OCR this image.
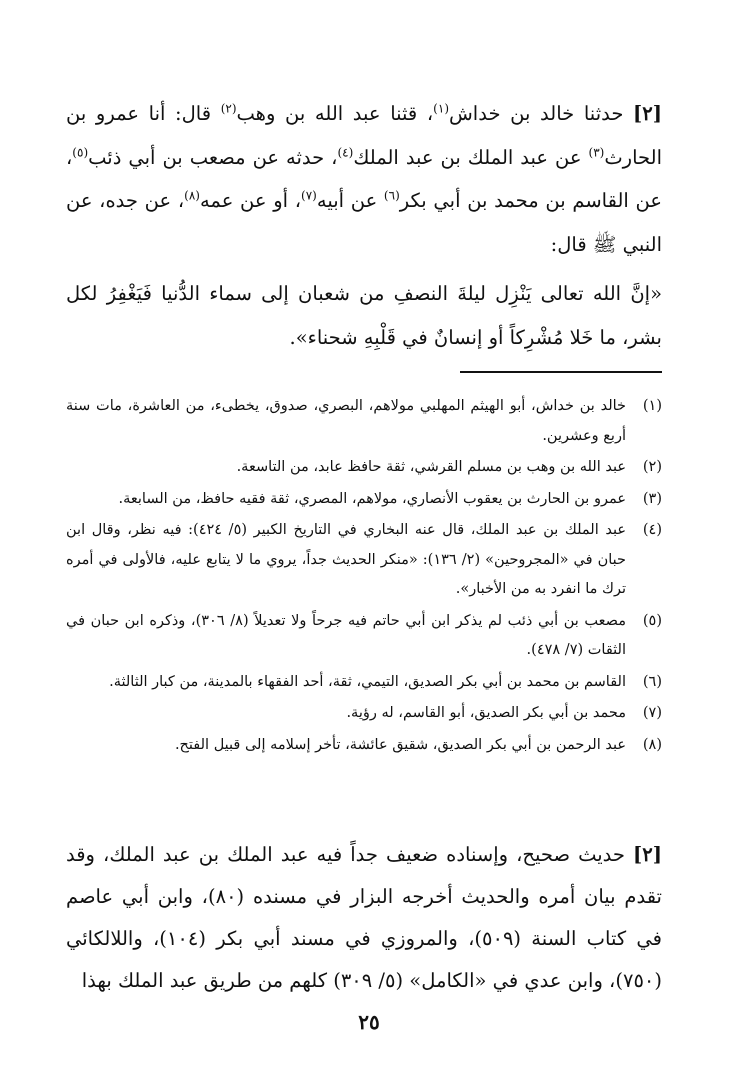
[٢] حدثنا خالد بن خداش$^{(١)}$، قثنا عبد الله بن وهب$^{(٢)}$ قال: أنا عمرو بن الحارث$^{(٣)}$ عن عبد الملك بن عبد الملك$^{(٤)}$، حدثه عن مصعب بن أبي ذئب$^{(٥)}$، عن القاسم بن محمد بن أبي بكر$^{(٦)}$ عن أبيه$^{(٧)}$، أو عن عمه$^{(٨)}$، عن جده، عن النبي ﷺ قال:

«إنَّ الله تعالى يَنْزِل ليلةَ النصفِ من شعبان إلى سماء الدُّنيا فَيَغْفِرُ لكل بشر، ما خَلا مُشْرِكاً أو إنسانٌ في قَلْبِهِ شحناء».

(١)
خالد بن خداش، أبو الهيثم المهلبي مولاهم، البصري، صدوق، يخطىء، من العاشرة، مات سنة أربع وعشرين.
(٢)
عبد الله بن وهب بن مسلم القرشي، ثقة حافظ عابد، من التاسعة.
(٣)
عمرو بن الحارث بن يعقوب الأنصاري، مولاهم، المصري، ثقة فقيه حافظ، من السابعة.
(٤)
عبد الملك بن عبد الملك، قال عنه البخاري في التاريخ الكبير (٥/ ٤٢٤): فيه نظر، وقال ابن حبان في «المجروحين» (٢/ ١٣٦): «منكر الحديث جداً، يروي ما لا يتابع عليه، فالأولى في أمره ترك ما انفرد به من الأخبار».
(٥)
مصعب بن أبي ذئب لم يذكر ابن أبي حاتم فيه جرحاً ولا تعديلاً (٨/ ٣٠٦)، وذكره ابن حبان في الثقات (٧/ ٤٧٨).
(٦)
القاسم بن محمد بن أبي بكر الصديق، التيمي، ثقة، أحد الفقهاء بالمدينة، من كبار الثالثة.
(٧)
محمد بن أبي بكر الصديق، أبو القاسم، له رؤية.
(٨)
عبد الرحمن بن أبي بكر الصديق، شقيق عائشة، تأخر إسلامه إلى قبيل الفتح.
[٢] حديث صحيح، وإسناده ضعيف جداً فيه عبد الملك بن عبد الملك، وقد تقدم بيان أمره والحديث أخرجه البزار في مسنده (٨٠)، وابن أبي عاصم في كتاب السنة (٥٠٩)، والمروزي في مسند أبي بكر (١٠٤)، واللالكائي (٧٥٠)، وابن عدي في «الكامل» (٥/ ٣٠٩) كلهم من طريق عبد الملك بهذا
٢٥
